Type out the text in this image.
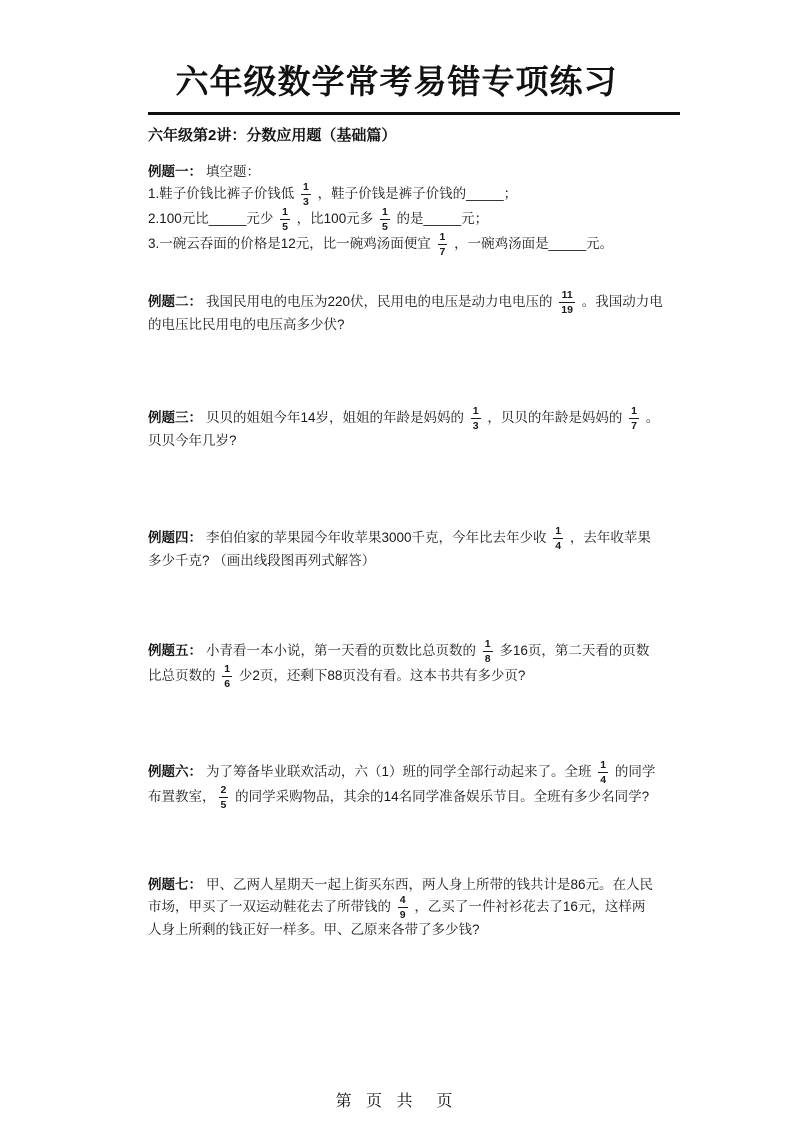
六年级数学常考易错专项练习
六年级第2讲：分数应用题（基础篇）

例题一： 填空题：
1.鞋子价钱比裤子价钱低 $\frac{1}{3}$ ，鞋子价钱是裤子价钱的_____；
2.100元比_____元少 $\frac{1}{5}$ ，比100元多 $\frac{1}{5}$ 的是_____元；
3.一碗云吞面的价格是12元，比一碗鸡汤面便宜 $\frac{1}{7}$ ，一碗鸡汤面是_____元。

例题二： 我国民用电的电压为220伏，民用电的电压是动力电电压的 $\frac{11}{19}$ 。我国动力电
的电压比民用电的电压高多少伏?

例题三： 贝贝的姐姐今年14岁，姐姐的年龄是妈妈的 $\frac{1}{3}$ ，贝贝的年龄是妈妈的 $\frac{1}{7}$ 。
贝贝今年几岁?

例题四： 李伯伯家的苹果园今年收苹果3000千克，今年比去年少收 $\frac{1}{4}$ ，去年收苹果
多少千克? （画出线段图再列式解答）

例题五： 小青看一本小说，第一天看的页数比总页数的 $\frac{1}{8}$ 多16页，第二天看的页数
比总页数的 $\frac{1}{6}$ 少2页，还剩下88页没有看。这本书共有多少页?

例题六： 为了筹备毕业联欢活动，六（1）班的同学全部行动起来了。全班 $\frac{1}{4}$ 的同学
布置教室， $\frac{2}{5}$ 的同学采购物品，其余的14名同学准备娱乐节目。全班有多少名同学?

例题七： 甲、乙两人星期天一起上街买东西，两人身上所带的钱共计是86元。在人民
市场，甲买了一双运动鞋花去了所带钱的 $\frac{4}{9}$ ，乙买了一件衬衫花去了16元，这样两
人身上所剩的钱正好一样多。甲、乙原来各带了多少钱?

第 页 共  页
